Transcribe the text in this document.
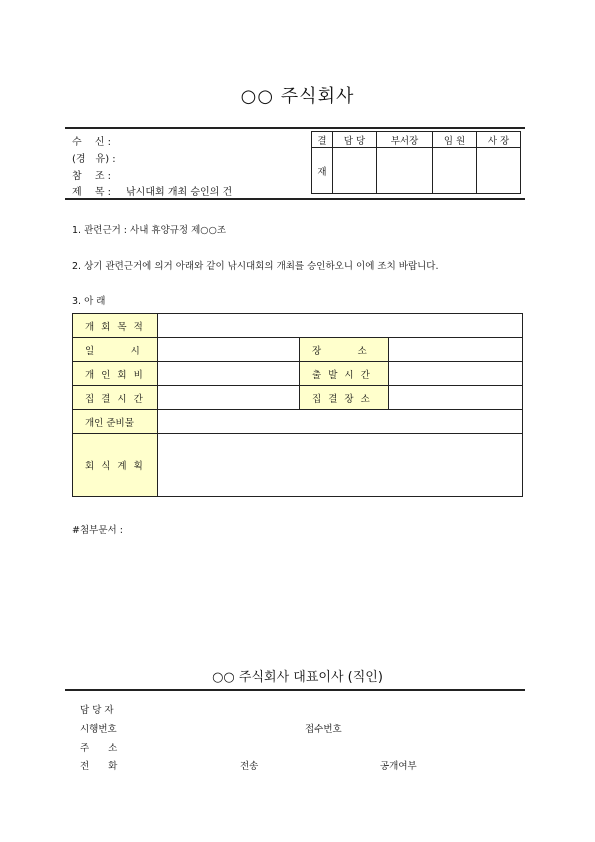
○○ 주식회사
수　 신 :
(경　유) :
참　 조 :
제　 목 : 낚시대회 개최 승인의 건
결	담 당	부서장	임 원	사 장
재				
1. 관련근거 : 사내 휴양규정 제○○조
2. 상기 관련근거에 의거 아래와 같이 낚시대회의 개최를 승인하오니 이에 조치 바랍니다.
3. 아 래
개 회 목 적			
일　　　시		장　　　소	
개 인 회 비		출 발 시 간	
집 결 시 간		집 결 장 소	
개인 준비물			
회 식 계 획			
#첨부문서 :
○○ 주식회사 대표이사 (직인)
담 당 자
시행번호	접수번호
주　　소
전　　화	전송	공개여부
